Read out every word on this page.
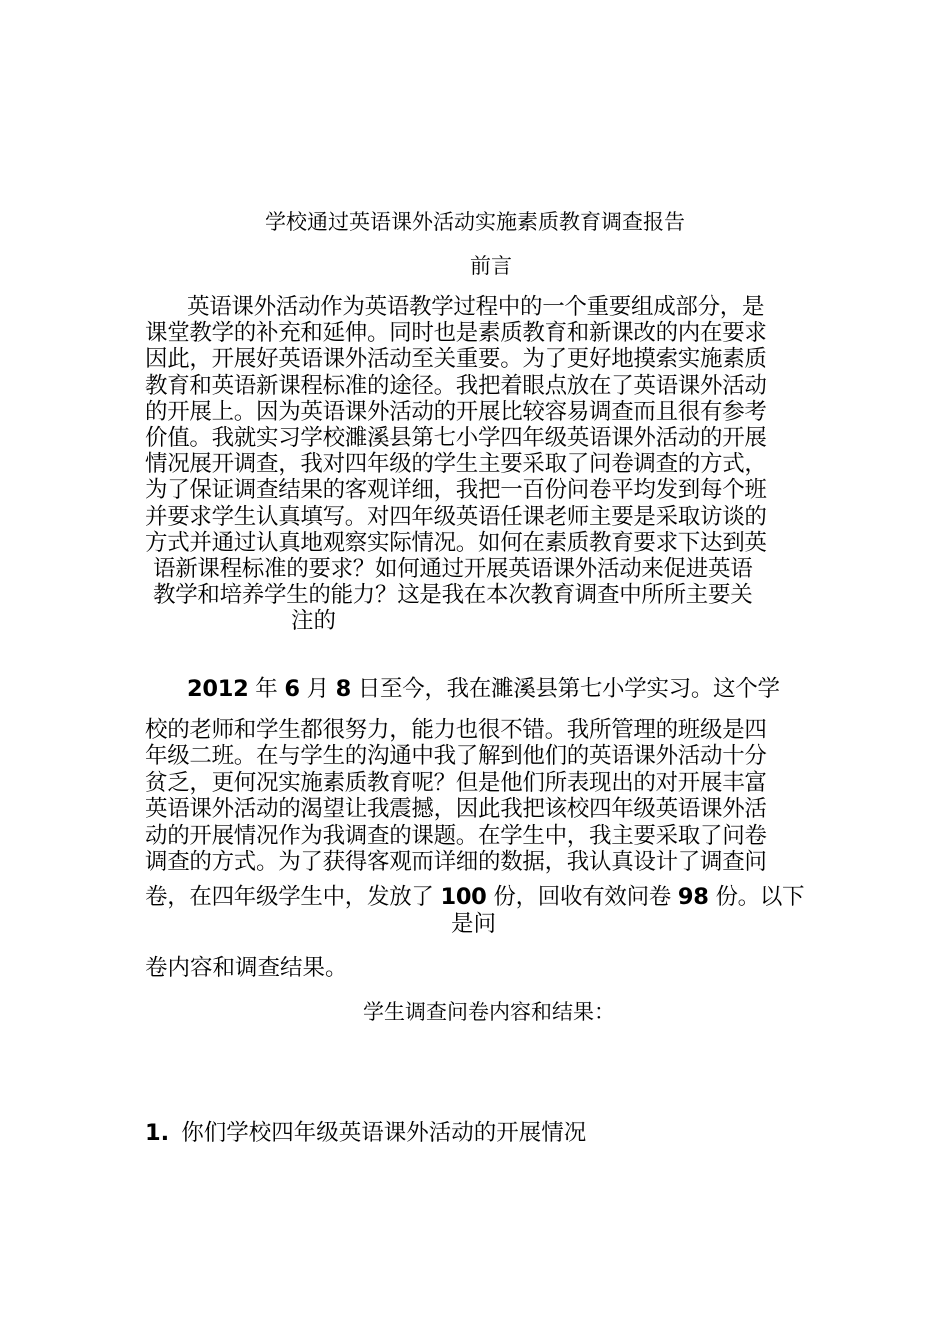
学校通过英语课外活动实施素质教育调查报告
前言
英语课外活动作为英语教学过程中的一个重要组成部分，是
课堂教学的补充和延伸。同时也是素质教育和新课改的内在要求
因此，开展好英语课外活动至关重要。为了更好地摸索实施素质
教育和英语新课程标准的途径。我把着眼点放在了英语课外活动
的开展上。因为英语课外活动的开展比较容易调查而且很有参考
价值。我就实习学校濉溪县第七小学四年级英语课外活动的开展
情况展开调查，我对四年级的学生主要采取了问卷调查的方式，
为了保证调查结果的客观详细，我把一百份问卷平均发到每个班
并要求学生认真填写。对四年级英语任课老师主要是采取访谈的
方式并通过认真地观察实际情况。如何在素质教育要求下达到英
语新课程标准的要求？如何通过开展英语课外活动来促进英语
教学和培养学生的能力？这是我在本次教育调查中所所主要关
注的
2012 年 6 月 8 日至今，我在濉溪县第七小学实习。这个学
校的老师和学生都很努力，能力也很不错。我所管理的班级是四
年级二班。在与学生的沟通中我了解到他们的英语课外活动十分
贫乏，更何况实施素质教育呢？但是他们所表现出的对开展丰富
英语课外活动的渴望让我震撼，因此我把该校四年级英语课外活
动的开展情况作为我调查的课题。在学生中，我主要采取了问卷
调查的方式。为了获得客观而详细的数据，我认真设计了调查问
卷，在四年级学生中，发放了 100 份，回收有效问卷 98 份。以下
是问
卷内容和调查结果。
学生调查问卷内容和结果：
1. 你们学校四年级英语课外活动的开展情况
